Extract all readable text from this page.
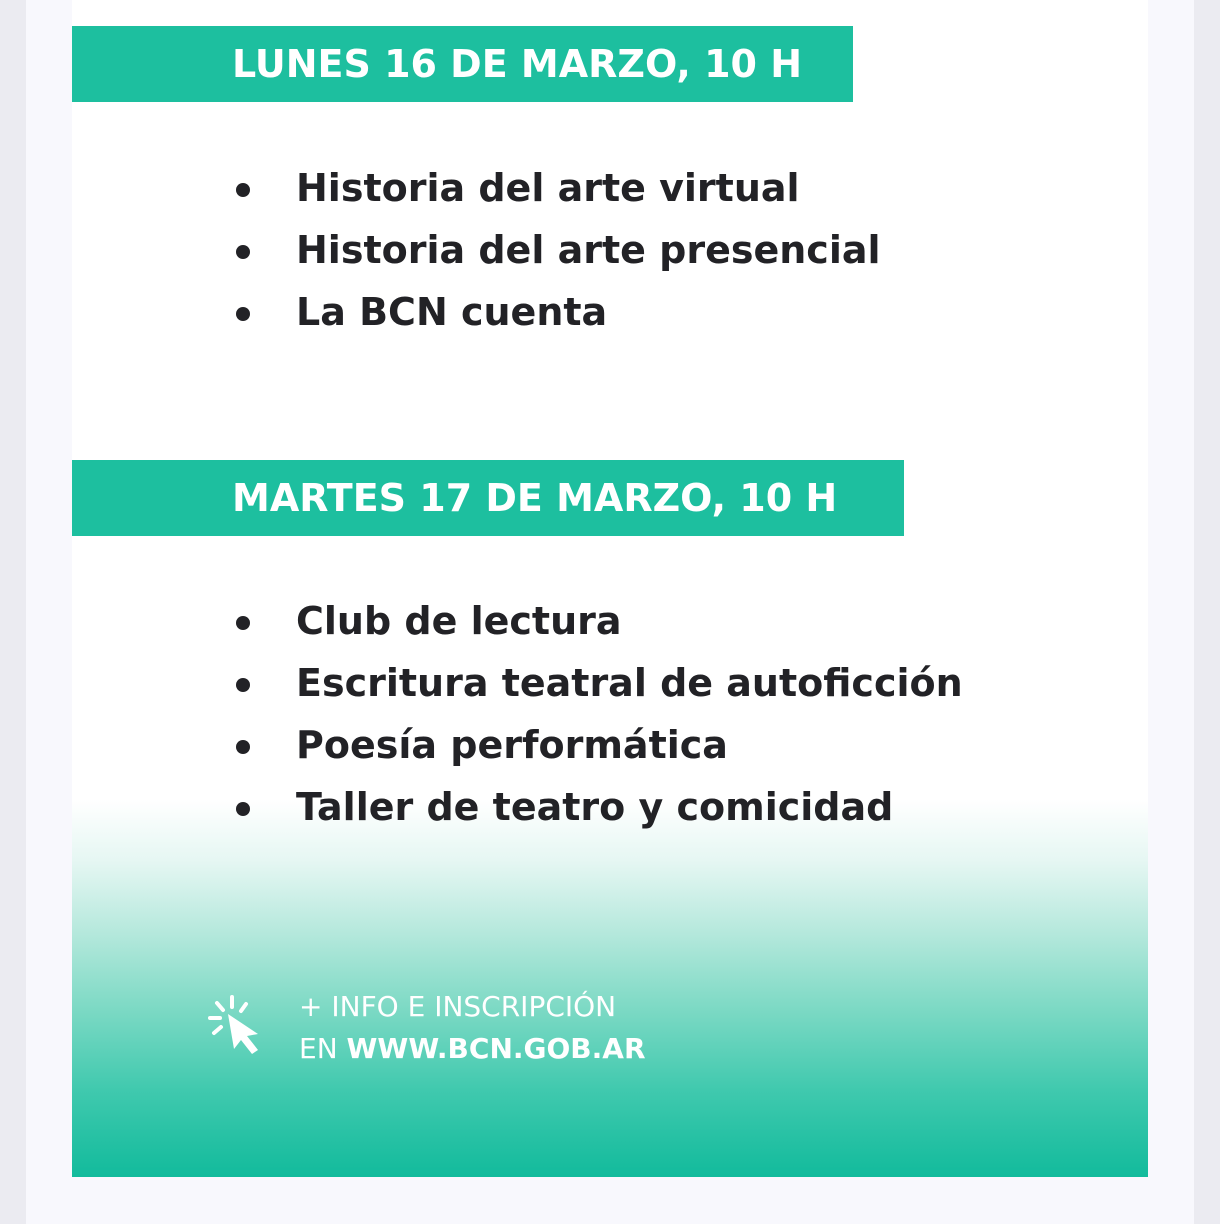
LUNES 16 DE MARZO, 10 H
Historia del arte virtual
Historia del arte presencial
La BCN cuenta
MARTES 17 DE MARZO, 10 H
Club de lectura
Escritura teatral de autoficción
Poesía performática
Taller de teatro y comicidad
+ INFO E INSCRIPCIÓN
EN WWW.BCN.GOB.AR
